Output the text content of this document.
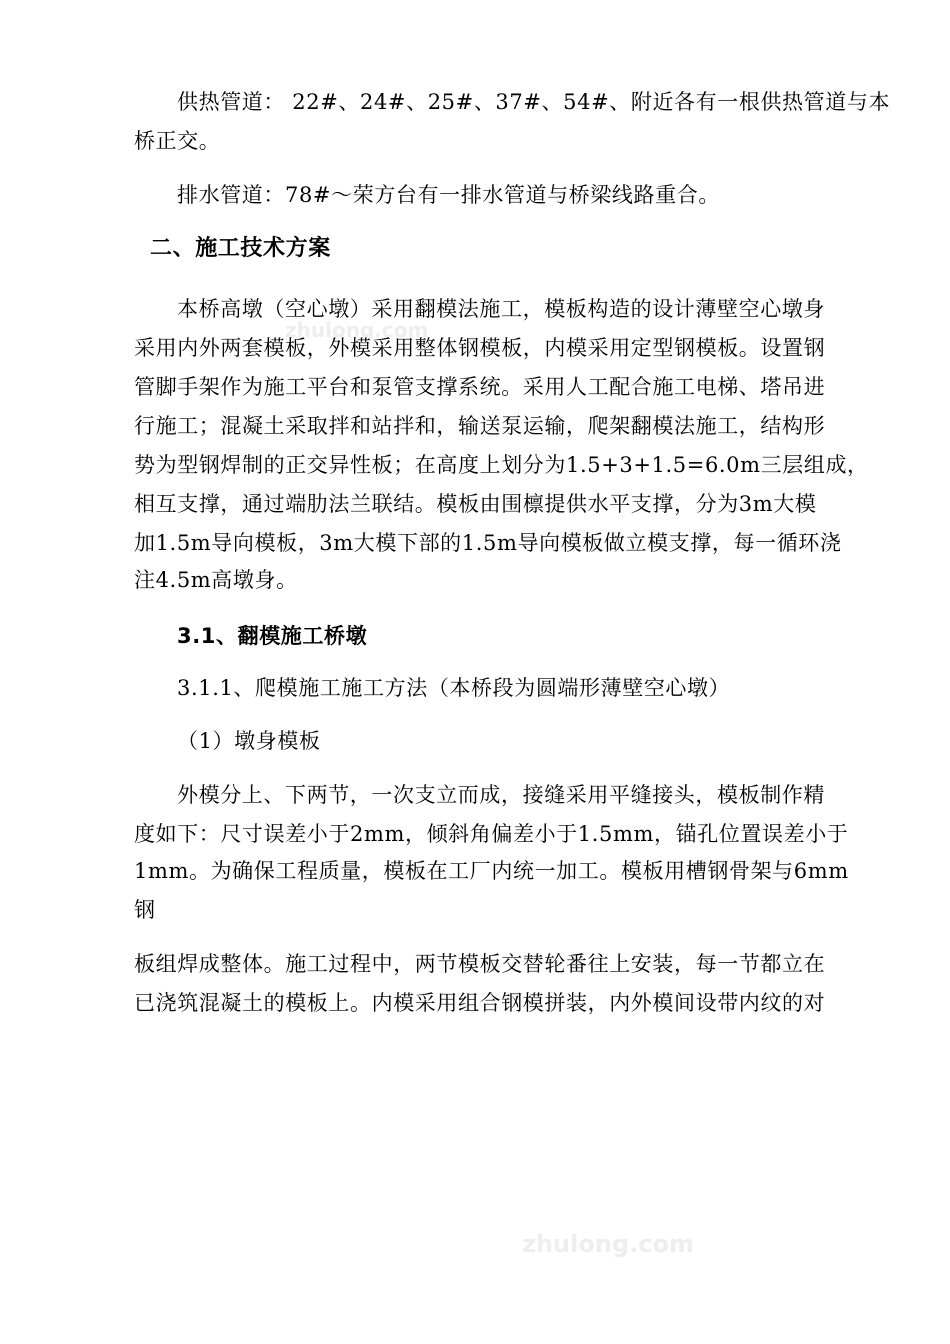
zhulong.com
zhulong.com
供热管道： 22#、24#、25#、37#、54#、附近各有一根供热管道与本
桥正交。
排水管道：78#～荣方台有一排水管道与桥梁线路重合。
二、施工技术方案
本桥高墩（空心墩）采用翻模法施工，模板构造的设计薄壁空心墩身
采用内外两套模板，外模采用整体钢模板，内模采用定型钢模板。设置钢
管脚手架作为施工平台和泵管支撑系统。采用人工配合施工电梯、塔吊进
行施工；混凝土采取拌和站拌和，输送泵运输，爬架翻模法施工，结构形
势为型钢焊制的正交异性板；在高度上划分为1.5+3+1.5=6.0m三层组成，
相互支撑，通过端肋法兰联结。模板由围檩提供水平支撑，分为3m大模
加1.5m导向模板，3m大模下部的1.5m导向模板做立模支撑，每一循环浇
注4.5m高墩身。
3.1、翻模施工桥墩
3.1.1、爬模施工施工方法（本桥段为圆端形薄壁空心墩）
（1）墩身模板
外模分上、下两节，一次支立而成，接缝采用平缝接头，模板制作精
度如下：尺寸误差小于2mm，倾斜角偏差小于1.5mm，锚孔位置误差小于
1mm。为确保工程质量，模板在工厂内统一加工。模板用槽钢骨架与6mm
钢
板组焊成整体。施工过程中，两节模板交替轮番往上安装，每一节都立在
已浇筑混凝土的模板上。内模采用组合钢模拼装，内外模间设带内纹的对
